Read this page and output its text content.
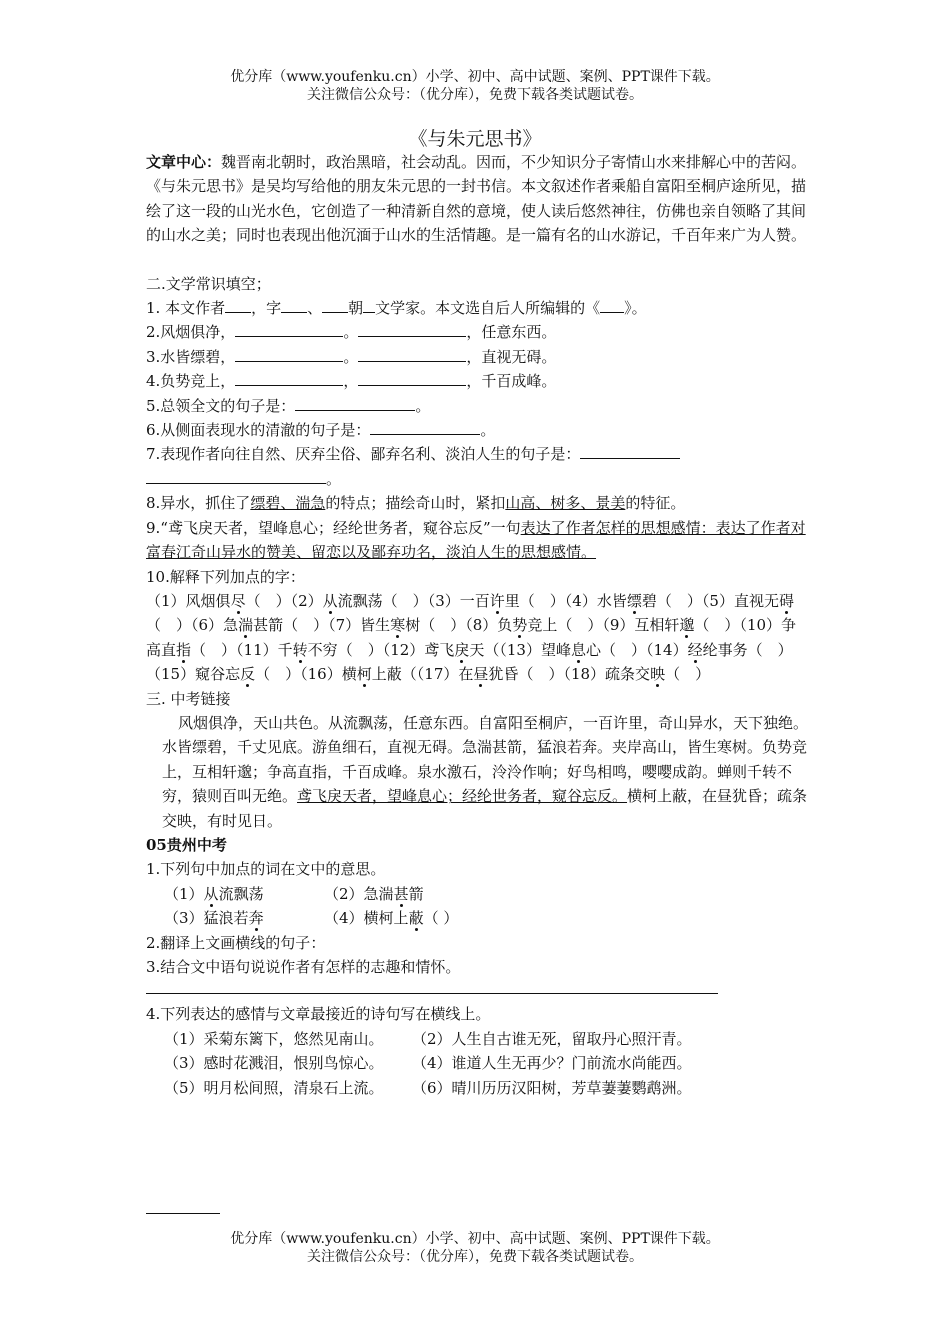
优分库（www.youfenku.cn）小学、初中、高中试题、案例、PPT课件下载。
关注微信公众号：（优分库），免费下载各类试题试卷。
《与朱元思书》

文章中心：魏晋南北朝时，政治黑暗，社会动乱。因而，不少知识分子寄情山水来排解心中的苦闷。《与朱元思书》是吴均写给他的朋友朱元思的一封书信。本文叙述作者乘船自富阳至桐庐途所见，描绘了这一段的山光水色，它创造了一种清新自然的意境，使人读后悠然神往，仿佛也亲自领略了其间的山水之美；同时也表现出他沉湎于山水的生活情趣。是一篇有名的山水游记，千百年来广为人赞。

二.文学常识填空；

1. 本文作者 ，字 、 朝 文学家。本文选自后人所编辑的《 》。

2.风烟俱净，	。	，任意东西。

3.水皆缥碧，	。	，直视无碍。

4.负势竞上，	，	，千百成峰。

5.总领全文的句子是：	。

6.从侧面表现水的清澈的句子是：	。

7.表现作者向往自然、厌弃尘俗、鄙弃名利、淡泊人生的句子是：
。

8.异水，抓住了缥碧、湍急的特点；描绘奇山时，紧扣山高、树多、景美的特征。

9.“鸢飞戾天者，望峰息心；经纶世务者，窥谷忘反”一句表达了作者怎样的思想感情：表达了作者对富春江奇山异水的赞美、留恋以及鄙弃功名，淡泊人生的思想感情。

10.解释下列加点的字：

（1）风烟俱尽（　）（2）从流飘荡（　）（3）一百许里（　）（4）水皆缥碧（　）（5）直视无碍（　）（6）急湍甚箭（　）（7）皆生寒树（　）（8）负势竞上（　）（9）互相轩邈（　）（10）争高直指（　）（11）千转不穷（　）（12）鸢飞戾天（（13）望峰息心（　）（14）经纶事务（　）（15）窥谷忘反（　）（16）横柯上蔽（（17）在昼犹昏（　）（18）疏条交映（　）

三. 中考链接

风烟俱净，天山共色。从流飘荡，任意东西。自富阳至桐庐，一百许里，奇山异水，天下独绝。

水皆缥碧，千丈见底。游鱼细石，直视无碍。急湍甚箭，猛浪若奔。夹岸高山，皆生寒树。负势竞上，互相轩邈；争高直指，千百成峰。泉水激石，泠泠作响；好鸟相鸣，嘤嘤成韵。蝉则千转不穷，猿则百叫无绝。鸢飞戾天者，望峰息心；经纶世务者，窥谷忘反。横柯上蔽，在昼犹昏；疏条交映，有时见日。

05贵州中考

1.下列句中加点的词在文中的意思。

（1）从流飘荡	（2）急湍甚箭

（3）猛浪若奔	（4）横柯上蔽（ ）

2.翻译上文画横线的句子：

3.结合文中语句说说作者有怎样的志趣和情怀。

4.下列表达的感情与文章最接近的诗句写在横线上。

（1）采菊东篱下，悠然见南山。 （2）人生自古谁无死，留取丹心照汗青。

（3）感时花溅泪，恨别鸟惊心。 （4）谁道人生无再少？门前流水尚能西。

（5）明月松间照，清泉石上流。 （6）晴川历历汉阳树，芳草萋萋鹦鹉洲。

优分库（www.youfenku.cn）小学、初中、高中试题、案例、PPT课件下载。
关注微信公众号：（优分库），免费下载各类试题试卷。
